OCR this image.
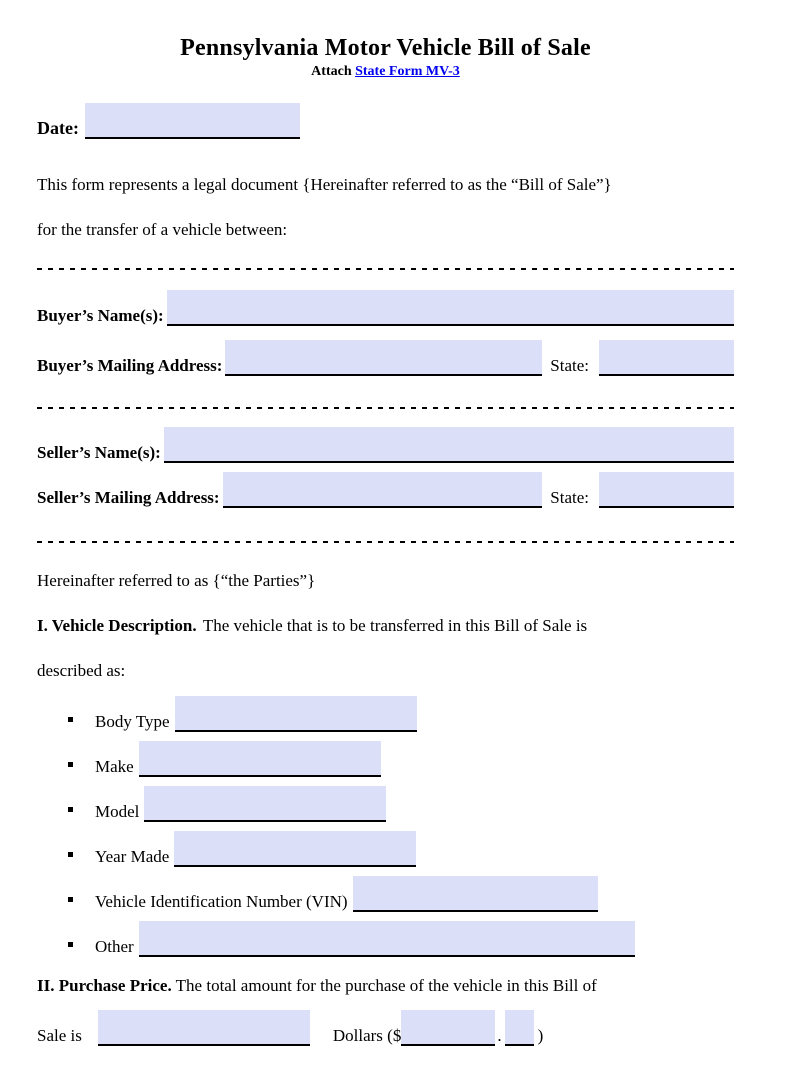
Pennsylvania Motor Vehicle Bill of Sale
Attach State Form MV-3
Date:

This form represents a legal document {Hereinafter referred to as the “Bill of Sale”}

for the transfer of a vehicle between:

Buyer’s Name(s):
Buyer’s Mailing Address:	State:
Seller’s Name(s):
Seller’s Mailing Address:	State:

Hereinafter referred to as {“the Parties”}

I. Vehicle Description. The vehicle that is to be transferred in this Bill of Sale is

described as:

Body Type
Make
Model
Year Made
Vehicle Identification Number (VIN)
Other

II. Purchase Price. The total amount for the purchase of the vehicle in this Bill of

Sale is	Dollars ($	. )
